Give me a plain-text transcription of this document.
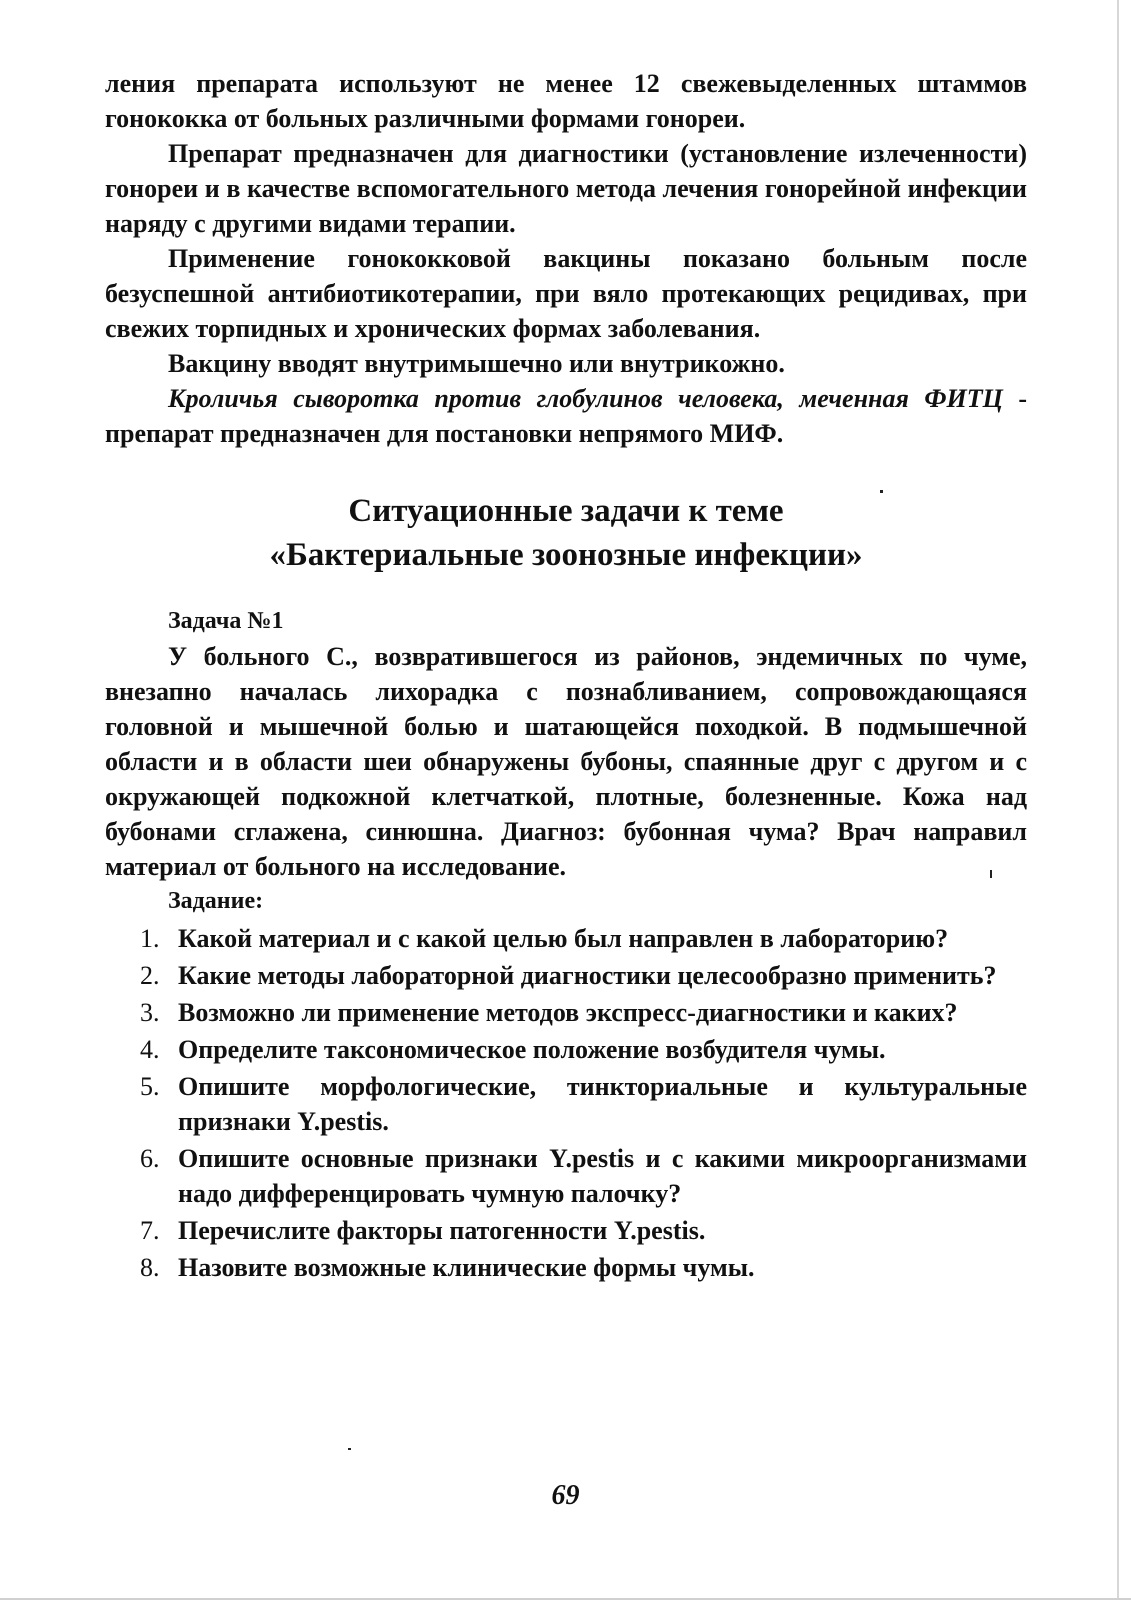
ления препарата используют не менее 12 свежевыделенных штаммов гонококка от больных различными формами гонореи.

Препарат предназначен для диагностики (установление излеченности) гонореи и в качестве вспомогательного метода лечения гонорейной инфекции наряду с другими видами терапии.

Применение гонококковой вакцины показано больным после безуспешной антибиотикотерапии, при вяло протекающих рецидивах, при свежих торпидных и хронических формах заболевания.

Вакцину вводят внутримышечно или внутрикожно.

Кроличья сыворотка против глобулинов человека, меченная ФИТЦ - препарат предназначен для постановки непрямого МИФ.

Ситуационные задачи к теме
«Бактериальные зоонозные инфекции»
Задача №1

У больного С., возвратившегося из районов, эндемичных по чуме, внезапно началась лихорадка с познабливанием, сопровождающаяся головной и мышечной болью и шатающейся походкой. В подмышечной области и в области шеи обнаружены бубоны, спаянные друг с другом и с окружающей подкожной клетчаткой, плотные, болезненные. Кожа над бубонами сглажена, синюшна. Диагноз: бубонная чума? Врач направил материал от больного на исследование.

Задание:
1. Какой материал и с какой целью был направлен в лабораторию?
2. Какие методы лабораторной диагностики целесообразно применить?
3. Возможно ли применение методов экспресс-диагностики и каких?
4. Определите таксономическое положение возбудителя чумы.
5. Опишите морфологические, тинкториальные и культуральные признаки Y.pestis.
6. Опишите основные признаки Y.pestis и с какими микроорганизмами надо дифференцировать чумную палочку?
7. Перечислите факторы патогенности Y.pestis.
8. Назовите возможные клинические формы чумы.
69
